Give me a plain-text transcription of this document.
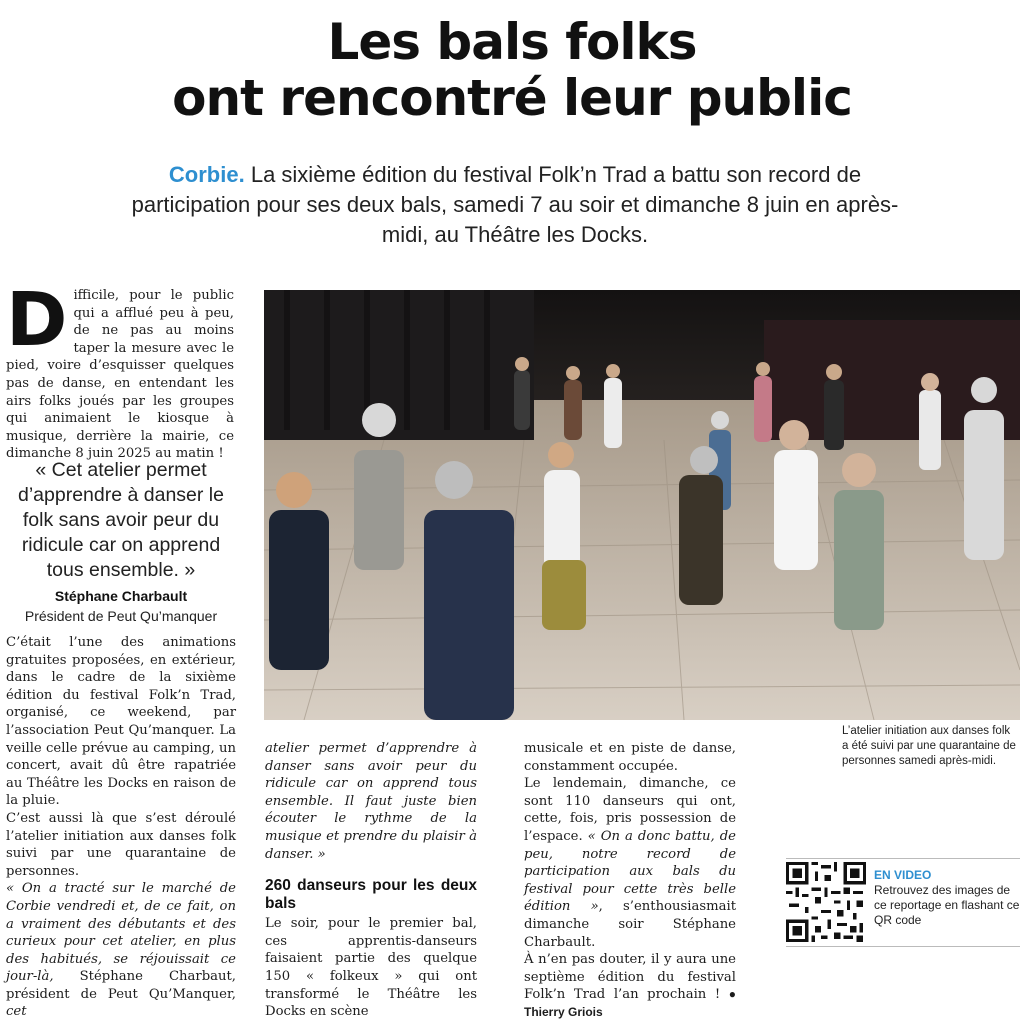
Les bals folks
ont rencontré leur public
Corbie. La sixième édition du festival Folk’n Trad a battu son record de participation pour ses deux bals, samedi 7 au soir et dimanche 8 juin en après-midi, au Théâtre les Docks.
D ifficile, pour le public qui a afflué peu à peu, de ne pas au moins taper la mesure avec le pied, voire d’esquisser quelques pas de danse, en entendant les airs folks joués par les groupes qui animaient le kiosque à musique, derrière la mairie, ce dimanche 8 juin 2025 au matin !

« Cet atelier permet d’apprendre à danser le folk sans avoir peur du ridicule car on apprend tous ensemble. »
Stéphane Charbault
Président de Peut Qu’manquer

C’était l’une des animations gratuites proposées, en extérieur, dans le cadre de la sixième édition du festival Folk’n Trad, organisé, ce weekend, par l’association Peut Qu’manquer. La veille celle prévue au camping, un concert, avait dû être rapatriée au Théâtre les Docks en raison de la pluie.

C’est aussi là que s’est déroulé l’atelier initiation aux danses folk suivi par une quarantaine de personnes.

« On a tracté sur le marché de Corbie vendredi et, de ce fait, on a vraiment des débutants et des curieux pour cet atelier, en plus des habitués, se réjouissait ce jour-là, Stéphane Charbaut, président de Peut Qu’Manquer, cet

L’atelier initiation aux danses folk a été suivi par une quarantaine de personnes samedi après-midi.

atelier permet d’apprendre à danser sans avoir peur du ridicule car on apprend tous ensemble. Il faut juste bien écouter le rythme de la musique et prendre du plaisir à danser. »

260 danseurs pour les deux bals

Le soir, pour le premier bal, ces apprentis-danseurs faisaient partie des quelque 150 « folkeux » qui ont transformé le Théâtre les Docks en scène

musicale et en piste de danse, constamment occupée.

Le lendemain, dimanche, ce sont 110 danseurs qui ont, cette, fois, pris possession de l’espace. « On a donc battu, de peu, notre record de participation aux bals du festival pour cette très belle édition », s’enthousiasmait dimanche soir Stéphane Charbault.

À n’en pas douter, il y aura une septième édition du festival Folk’n Trad l’an prochain ! ● Thierry Griois

EN VIDEO
Retrouvez des images de ce reportage en flashant ce QR code
